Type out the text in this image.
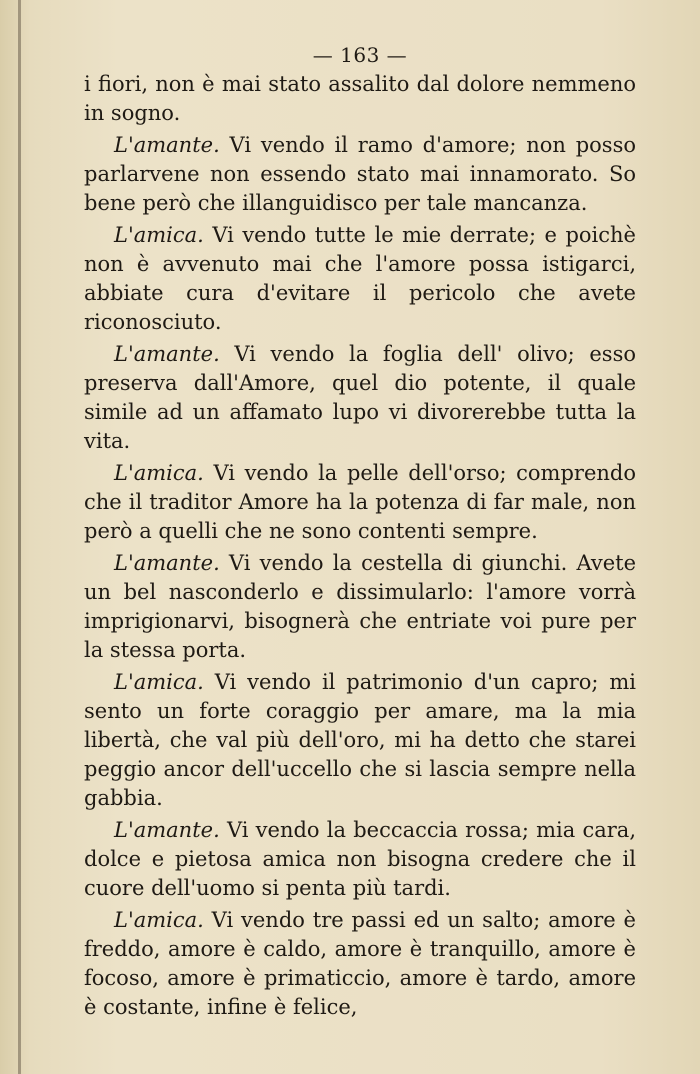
— 163 —

i fiori, non è mai stato assalito dal dolore nemmeno in sogno.

L'amante. Vi vendo il ramo d'amore; non posso parlarvene non essendo stato mai innamorato. So bene però che illanguidisco per tale mancanza.

L'amica. Vi vendo tutte le mie derrate; e poichè non è avvenuto mai che l'amore possa istigarci, abbiate cura d'evitare il pericolo che avete riconosciuto.

L'amante. Vi vendo la foglia dell' olivo; esso preserva dall'Amore, quel dio potente, il quale simile ad un affamato lupo vi divorerebbe tutta la vita.

L'amica. Vi vendo la pelle dell'orso; comprendo che il traditor Amore ha la potenza di far male, non però a quelli che ne sono contenti sempre.

L'amante. Vi vendo la cestella di giunchi. Avete un bel nasconderlo e dissimularlo: l'amore vorrà imprigionarvi, bisognerà che entriate voi pure per la stessa porta.

L'amica. Vi vendo il patrimonio d'un capro; mi sento un forte coraggio per amare, ma la mia libertà, che val più dell'oro, mi ha detto che starei peggio ancor dell'uccello che si lascia sempre nella gabbia.

L'amante. Vi vendo la beccaccia rossa; mia cara, dolce e pietosa amica non bisogna credere che il cuore dell'uomo si penta più tardi.

L'amica. Vi vendo tre passi ed un salto; amore è freddo, amore è caldo, amore è tranquillo, amore è focoso, amore è primaticcio, amore è tardo, amore è costante, infine è felice,
